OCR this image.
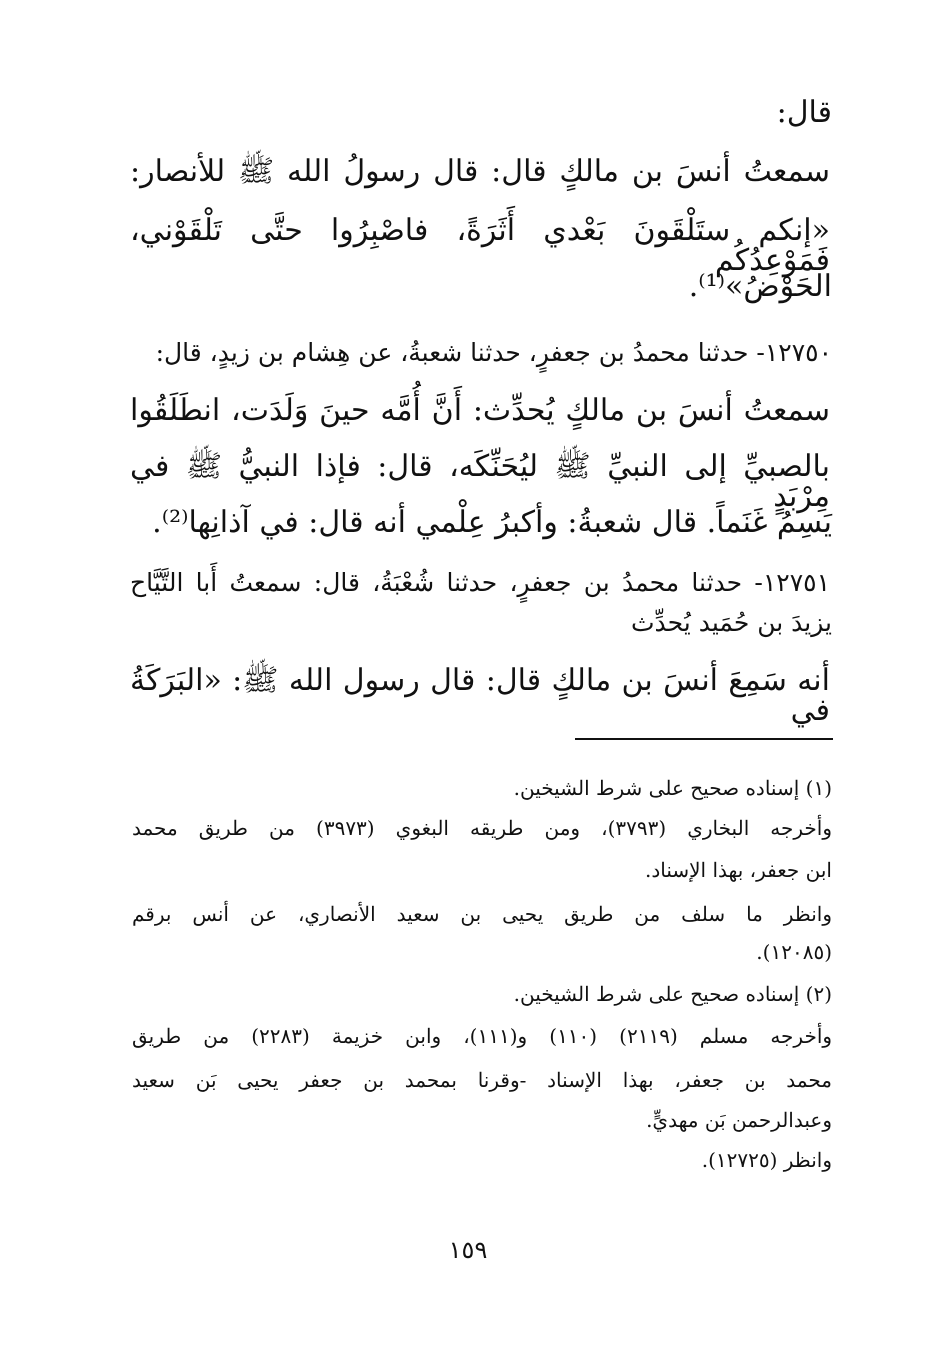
قال:
سمعتُ أنسَ بن مالكٍ قال: قال رسولُ الله ﷺ للأنصار:
«إنكم ستَلْقَونَ بَعْدي أَثَرَةً، فاصْبِرُوا حتَّى تَلْقَوْني، فَمَوْعِدُكُم
الحَوْضُ»⁽¹⁾.
١٢٧٥٠- حدثنا محمدُ بن جعفرٍ، حدثنا شعبةُ، عن هِشام بن زيدٍ، قال:
سمعتُ أنسَ بن مالكٍ يُحدِّث: أَنَّ أُمَّه حينَ وَلَدَت، انطَلَقُوا
بالصبيِّ إلى النبيِّ ﷺ ليُحَنِّكَه، قال: فإذا النبيُّ ﷺ في مِرْبَدٍ
يَسِمُ غَنَماً. قال شعبةُ: وأكبرُ عِلْمي أنه قال: في آذانِها⁽²⁾.
١٢٧٥١- حدثنا محمدُ بن جعفرٍ، حدثنا شُعْبَةُ، قال: سمعتُ أَبا التَّيَّاح
يزيدَ بن حُمَيد يُحدِّث
أنه سَمِعَ أنسَ بن مالكٍ قال: قال رسول الله ﷺ: «البَرَكَةُ في
(١) إسناده صحيح على شرط الشيخين.
وأخرجه البخاري (٣٧٩٣)، ومن طريقه البغوي (٣٩٧٣) من طريق محمد
ابن جعفر، بهذا الإسناد.
وانظر ما سلف من طريق يحيى بن سعيد الأنصاري، عن أنس برقم
(١٢٠٨٥).
(٢) إسناده صحيح على شرط الشيخين.
وأخرجه مسلم (٢١١٩) (١١٠) و(١١١)، وابن خزيمة (٢٢٨٣) من طريق
محمد بن جعفر، بهذا الإسناد -وقرنا بمحمد بن جعفر يحيى بَن سعيد
وعبدالرحمن بَن مهديٍّ.
وانظر (١٢٧٢٥).
١٥٩
